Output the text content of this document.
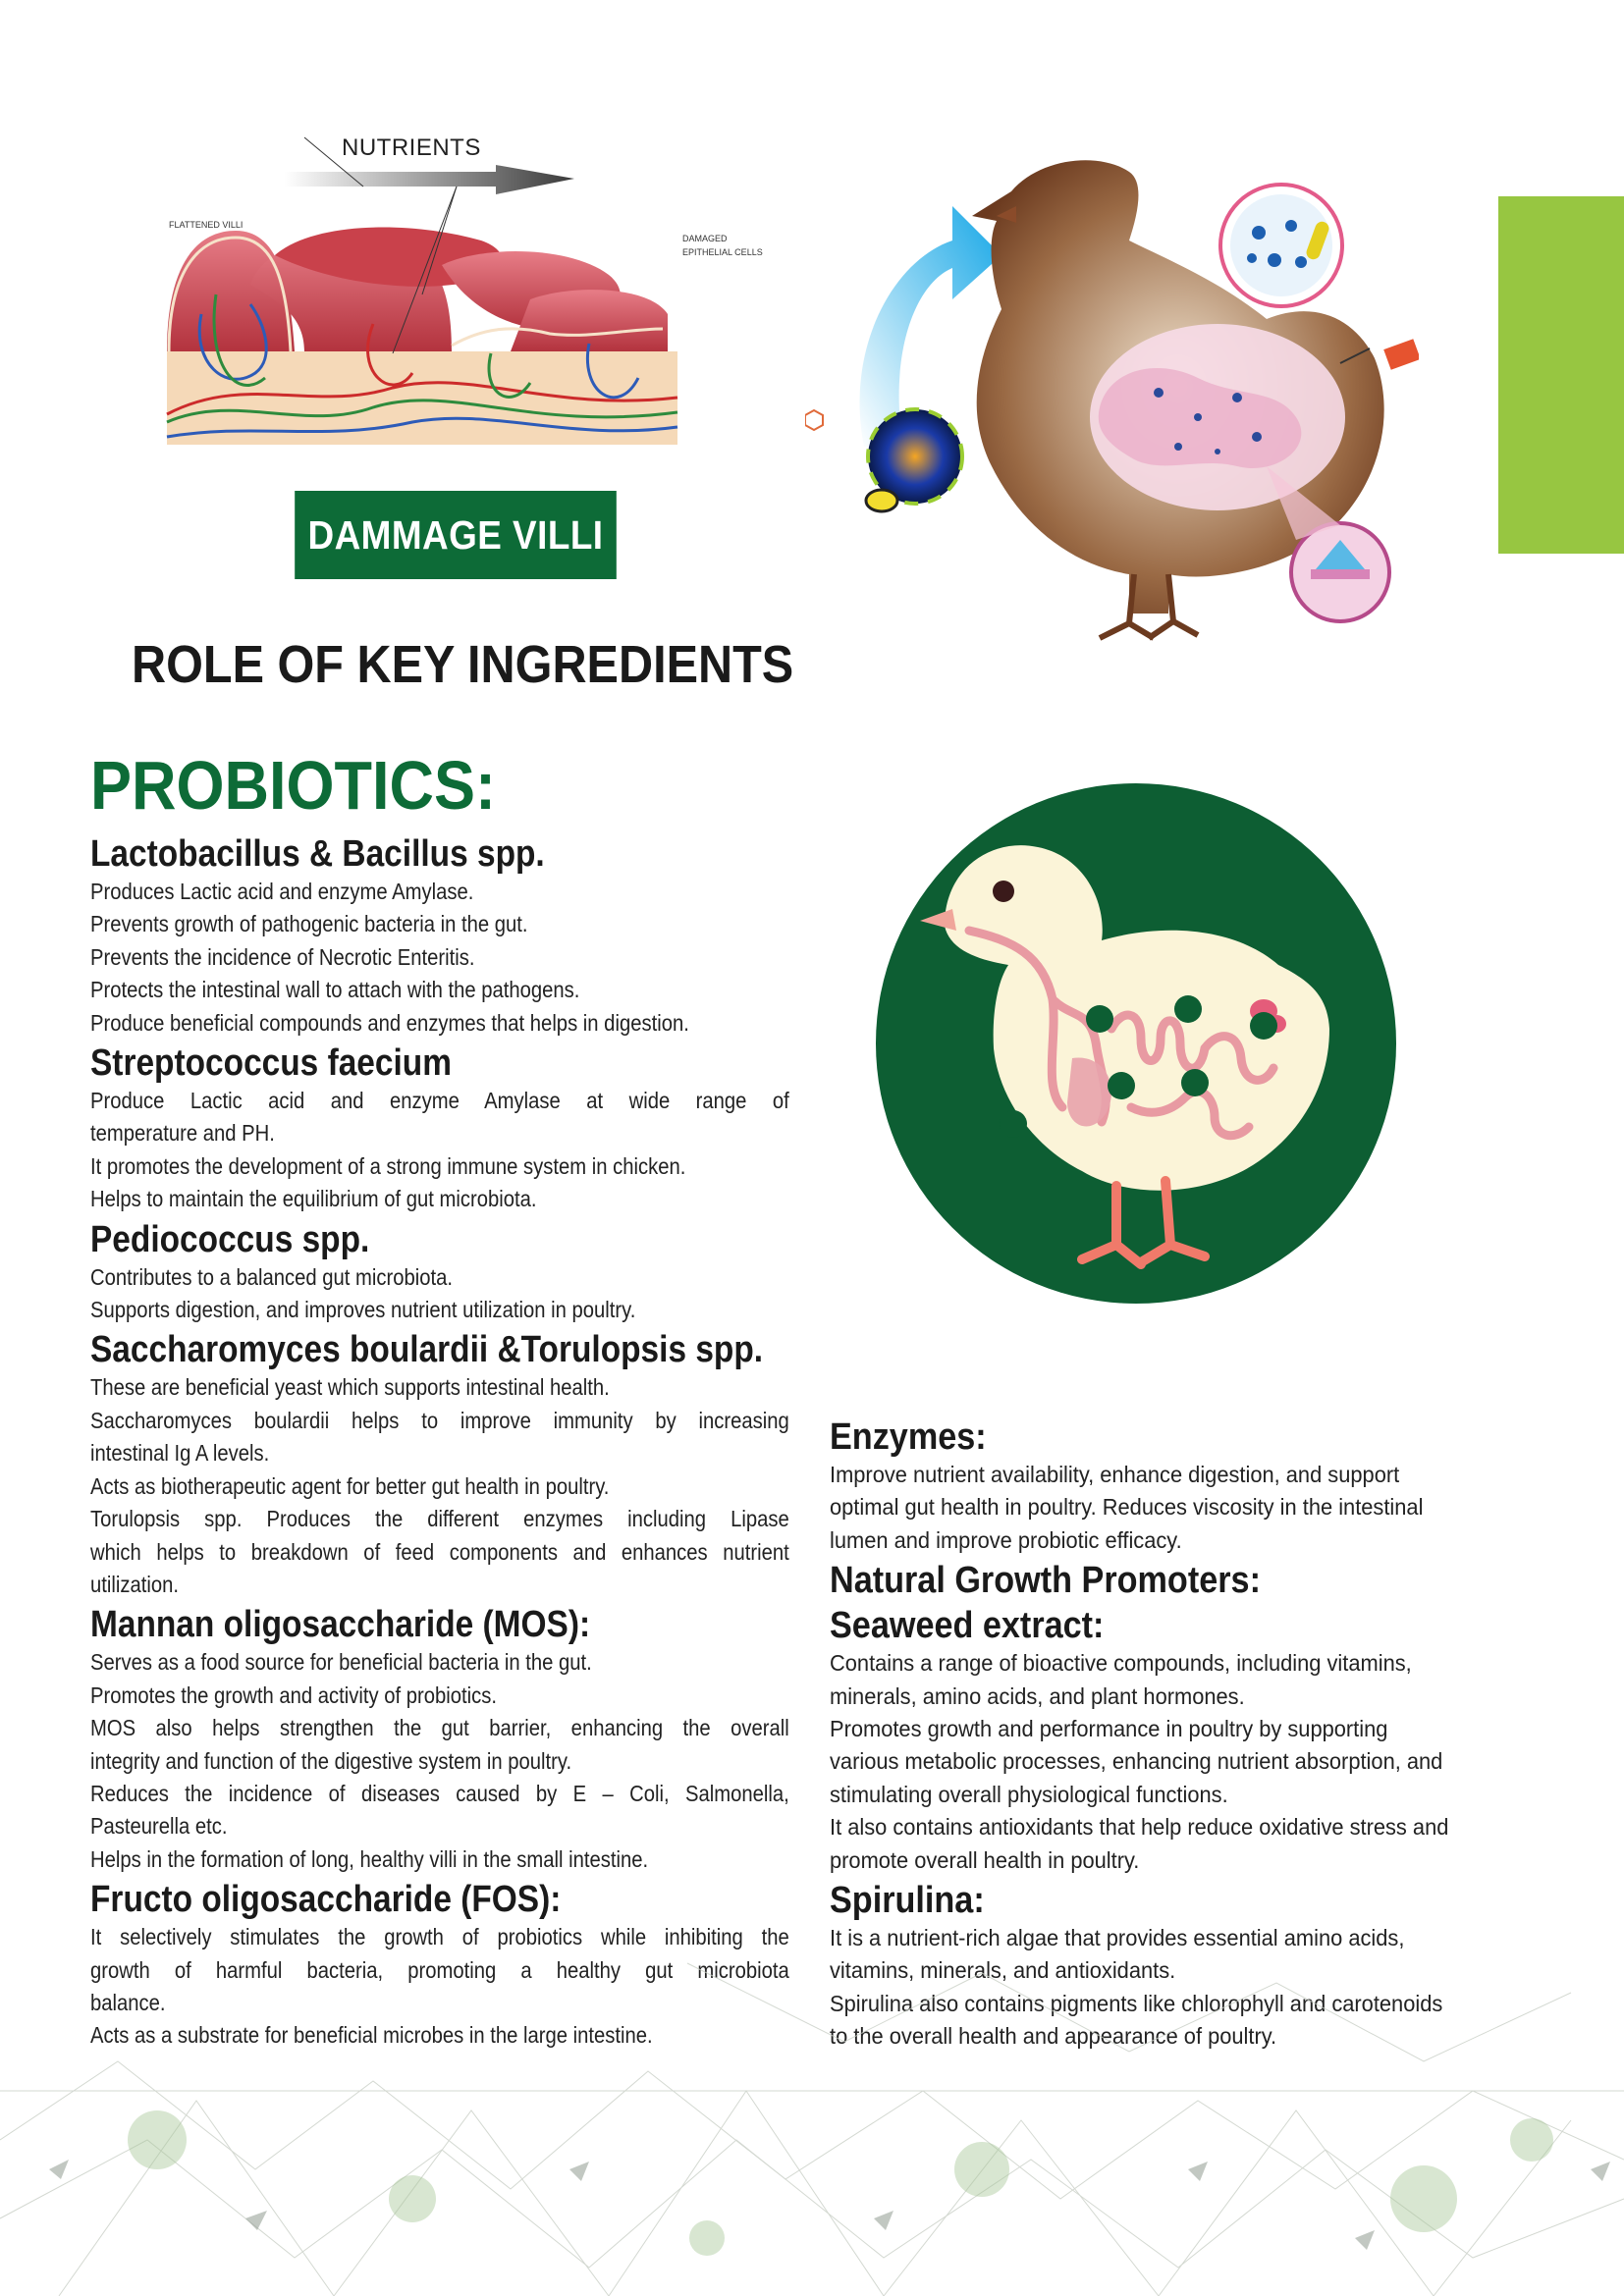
NUTRIENTS
FLATTENED VILLI
DAMAGED
EPITHELIAL CELLS
DAMMAGE VILLI
ROLE OF KEY INGREDIENTS
PROBIOTICS:
Lactobacillus & Bacillus spp.

Produces Lactic acid and enzyme Amylase.

Prevents growth of pathogenic bacteria in the gut.

Prevents the incidence of Necrotic Enteritis.

Protects the intestinal wall to attach with the pathogens.

Produce beneficial compounds and enzymes that helps in digestion.

Streptococcus faecium

Produce Lactic acid and enzyme Amylase at wide range of

temperature and PH.

It promotes the development of a strong immune system in chicken.

Helps to maintain the equilibrium of gut microbiota.

Pediococcus spp.

Contributes to a balanced gut microbiota.

Supports digestion, and improves nutrient utilization in poultry.

Saccharomyces boulardii &Torulopsis spp.

These are beneficial yeast which supports intestinal health.

Saccharomyces boulardii helps to improve immunity by increasing

intestinal Ig A levels.

Acts as biotherapeutic agent for better gut health in poultry.

Torulopsis spp. Produces the different enzymes including Lipase

which helps to breakdown of feed components and enhances nutrient

utilization.

Mannan oligosaccharide (MOS):

Serves as a food source for beneficial bacteria in the gut.

Promotes the growth and activity of probiotics.

MOS also helps strengthen the gut barrier, enhancing the overall

integrity and function of the digestive system in poultry.

Reduces the incidence of diseases caused by E – Coli, Salmonella,

Pasteurella etc.

Helps in the formation of long, healthy villi in the small intestine.

Fructo oligosaccharide (FOS):

It selectively stimulates the growth of probiotics while inhibiting the

growth of harmful bacteria, promoting a healthy gut microbiota

balance.

Acts as a substrate for beneficial microbes in the large intestine.

Enzymes:

Improve nutrient availability, enhance digestion, and support

optimal gut health in poultry. Reduces viscosity in the intestinal

lumen and improve probiotic efficacy.

Natural Growth Promoters:
Seaweed extract:

Contains a range of bioactive compounds, including vitamins,

minerals, amino acids, and plant hormones.

Promotes growth and performance in poultry by supporting

various metabolic processes, enhancing nutrient absorption, and

stimulating overall physiological functions.

It also contains antioxidants that help reduce oxidative stress and

promote overall health in poultry.

Spirulina:

It is a nutrient-rich algae that provides essential amino acids,

vitamins, minerals, and antioxidants.

Spirulina also contains pigments like chlorophyll and carotenoids

to the overall health and appearance of poultry.
